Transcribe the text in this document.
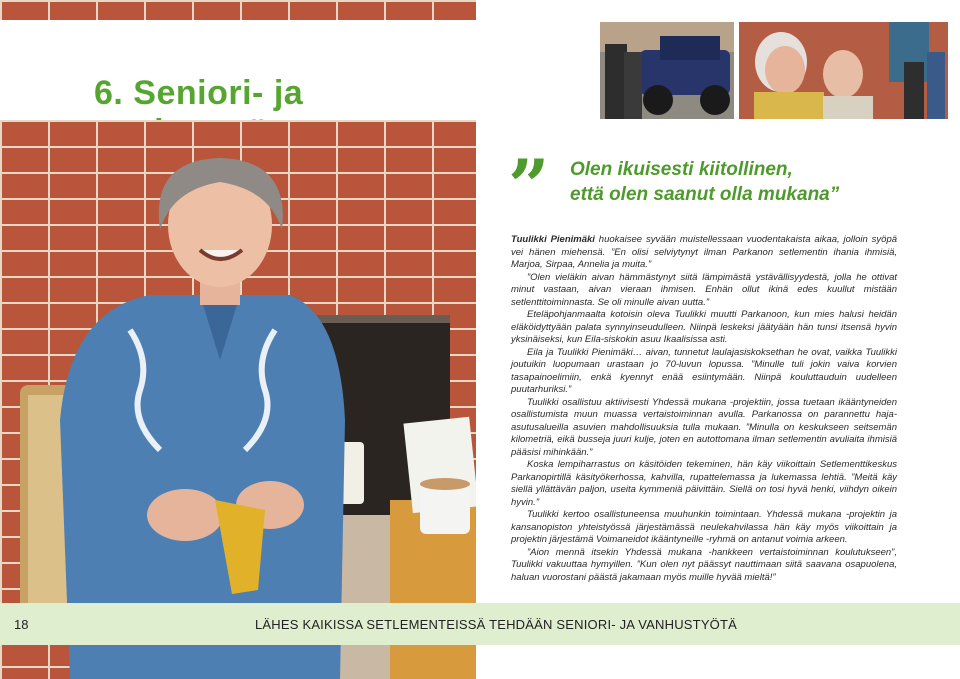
6. Seniori- ja
” Olen ikuisesti kiitollinen,
että olen saanut olla mukana”

Tuulikki Pienimäki huokaisee syvään muistellessaan vuodentakaista aikaa, jolloin syöpä vei hänen miehensä. ”En olisi selviytynyt ilman Parkanon setlementin ihania ihmisiä, Marjoa, Sirpaa, Annelia ja muita.”

”Olen vieläkin aivan hämmästynyt siitä lämpimästä ystävällisyydestä, jolla he ottivat minut vastaan, aivan vieraan ihmisen. Enhän ollut ikinä edes kuullut mistään setlenttitoiminnasta. Se oli minulle aivan uutta.”

Eteläpohjanmaalta kotoisin oleva Tuulikki muutti Parkanoon, kun mies halusi heidän eläköidyttyään palata synnyinseudulleen. Niinpä leskeksi jäätyään hän tunsi itsensä hyvin yksinäiseksi, kun Eila-siskokin asuu Ikaalisissa asti.

Eila ja Tuulikki Pienimäki… aivan, tunnetut laulajasiskoksethan he ovat, vaikka Tuulikki joutuikin luopumaan urastaan jo 70-luvun lopussa. ”Minulle tuli jokin vaiva korvien tasapainoelimiin, enkä kyennyt enää esiintymään. Niinpä kouluttauduin uudelleen puutarhuriksi.”

Tuulikki osallistuu aktiivisesti Yhdessä mukana -projektiin, jossa tuetaan ikääntyneiden osallistumista muun muassa vertaistoiminnan avulla. Parkanossa on parannettu haja-asutusalueilla asuvien mahdollisuuksia tulla mukaan. ”Minulla on keskukseen seitsemän kilometriä, eikä busseja juuri kulje, joten en autottomana ilman setlementin avuliaita ihmisiä pääsisi mihinkään.”

Koska lempiharrastus on käsitöiden tekeminen, hän käy viikoittain Setlementtikeskus Parkanopirtillä käsityökerhossa, kahvilla, rupattelemassa ja lukemassa lehtiä. ”Meitä käy siellä yllättävän paljon, useita kymmeniä päivittäin. Siellä on tosi hyvä henki, viihdyn oikein hyvin.”

Tuulikki kertoo osallistuneensa muuhunkin toimintaan. Yhdessä mukana -projektin ja kansanopiston yhteistyössä järjestämässä neulekahvilassa hän käy myös viikoittain ja projektin järjestämä Voimaneidot ikääntyneille -ryhmä on antanut voimia arkeen.

”Aion mennä itsekin Yhdessä mukana -hankkeen vertaistoiminnan koulutukseen”, Tuulikki vakuuttaa hymyillen. ”Kun olen nyt päässyt nauttimaan siitä saavana osapuolena, haluan vuorostani päästä jakamaan myös muille hyvää mieltä!”

18	LÄHES KAIKISSA SETLEMENTEISSÄ TEHDÄÄN SENIORI- JA VANHUSTYÖTÄ
